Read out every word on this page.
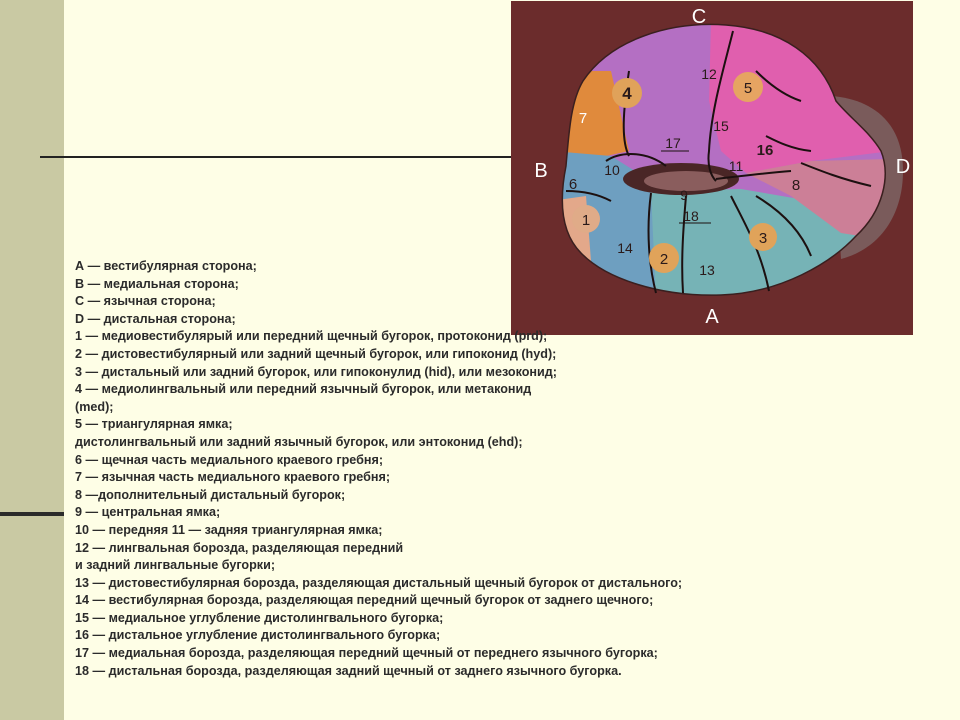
C
B	D
A
4	5
7
6
1
2
3
8
12
15
17
10	11
16
9
18
14
13
А — вестибулярная сторона;
В — медиальная сторона;
С — язычная сторона;
D — дистальная сторона;
1 — медиовестибулярый или передний щечный бугорок, протоконид (prd);
2 — дистовестибулярный или задний щечный бугорок, или гипоконид (hyd);
3 — дистальный или задний бугорок, или гипоконулид (hid), или мезоконид;
4 — медиолингвальный или передний язычный бугорок, или метаконид
(med);
5 — триангулярная ямка;
дистолингвальный или задний язычный бугорок, или энтоконид (ehd);
6 — щечная часть медиального краевого гребня;
7 — язычная часть медиального краевого гребня;
8 —дополнительный дистальный бугорок;
9 — центральная ямка;
10 — передняя 11 — задняя триангулярная ямка;
12 — лингвальная борозда, разделяющая передний
и задний лингвальные бугорки;
13 — дистовестибулярная борозда, разделяющая дистальный щечный бугорок от дистального;
14 — вестибулярная борозда, разделяющая передний щечный бугорок от заднего щечного;
15 — медиальное углубление дистолингвального бугорка;
16 — дистальное углубление дистолингвального бугорка;
17 — медиальная борозда, разделяющая передний щечный от переднего язычного бугорка;
18 — дистальная борозда, разделяющая задний щечный от заднего язычного бугорка.
